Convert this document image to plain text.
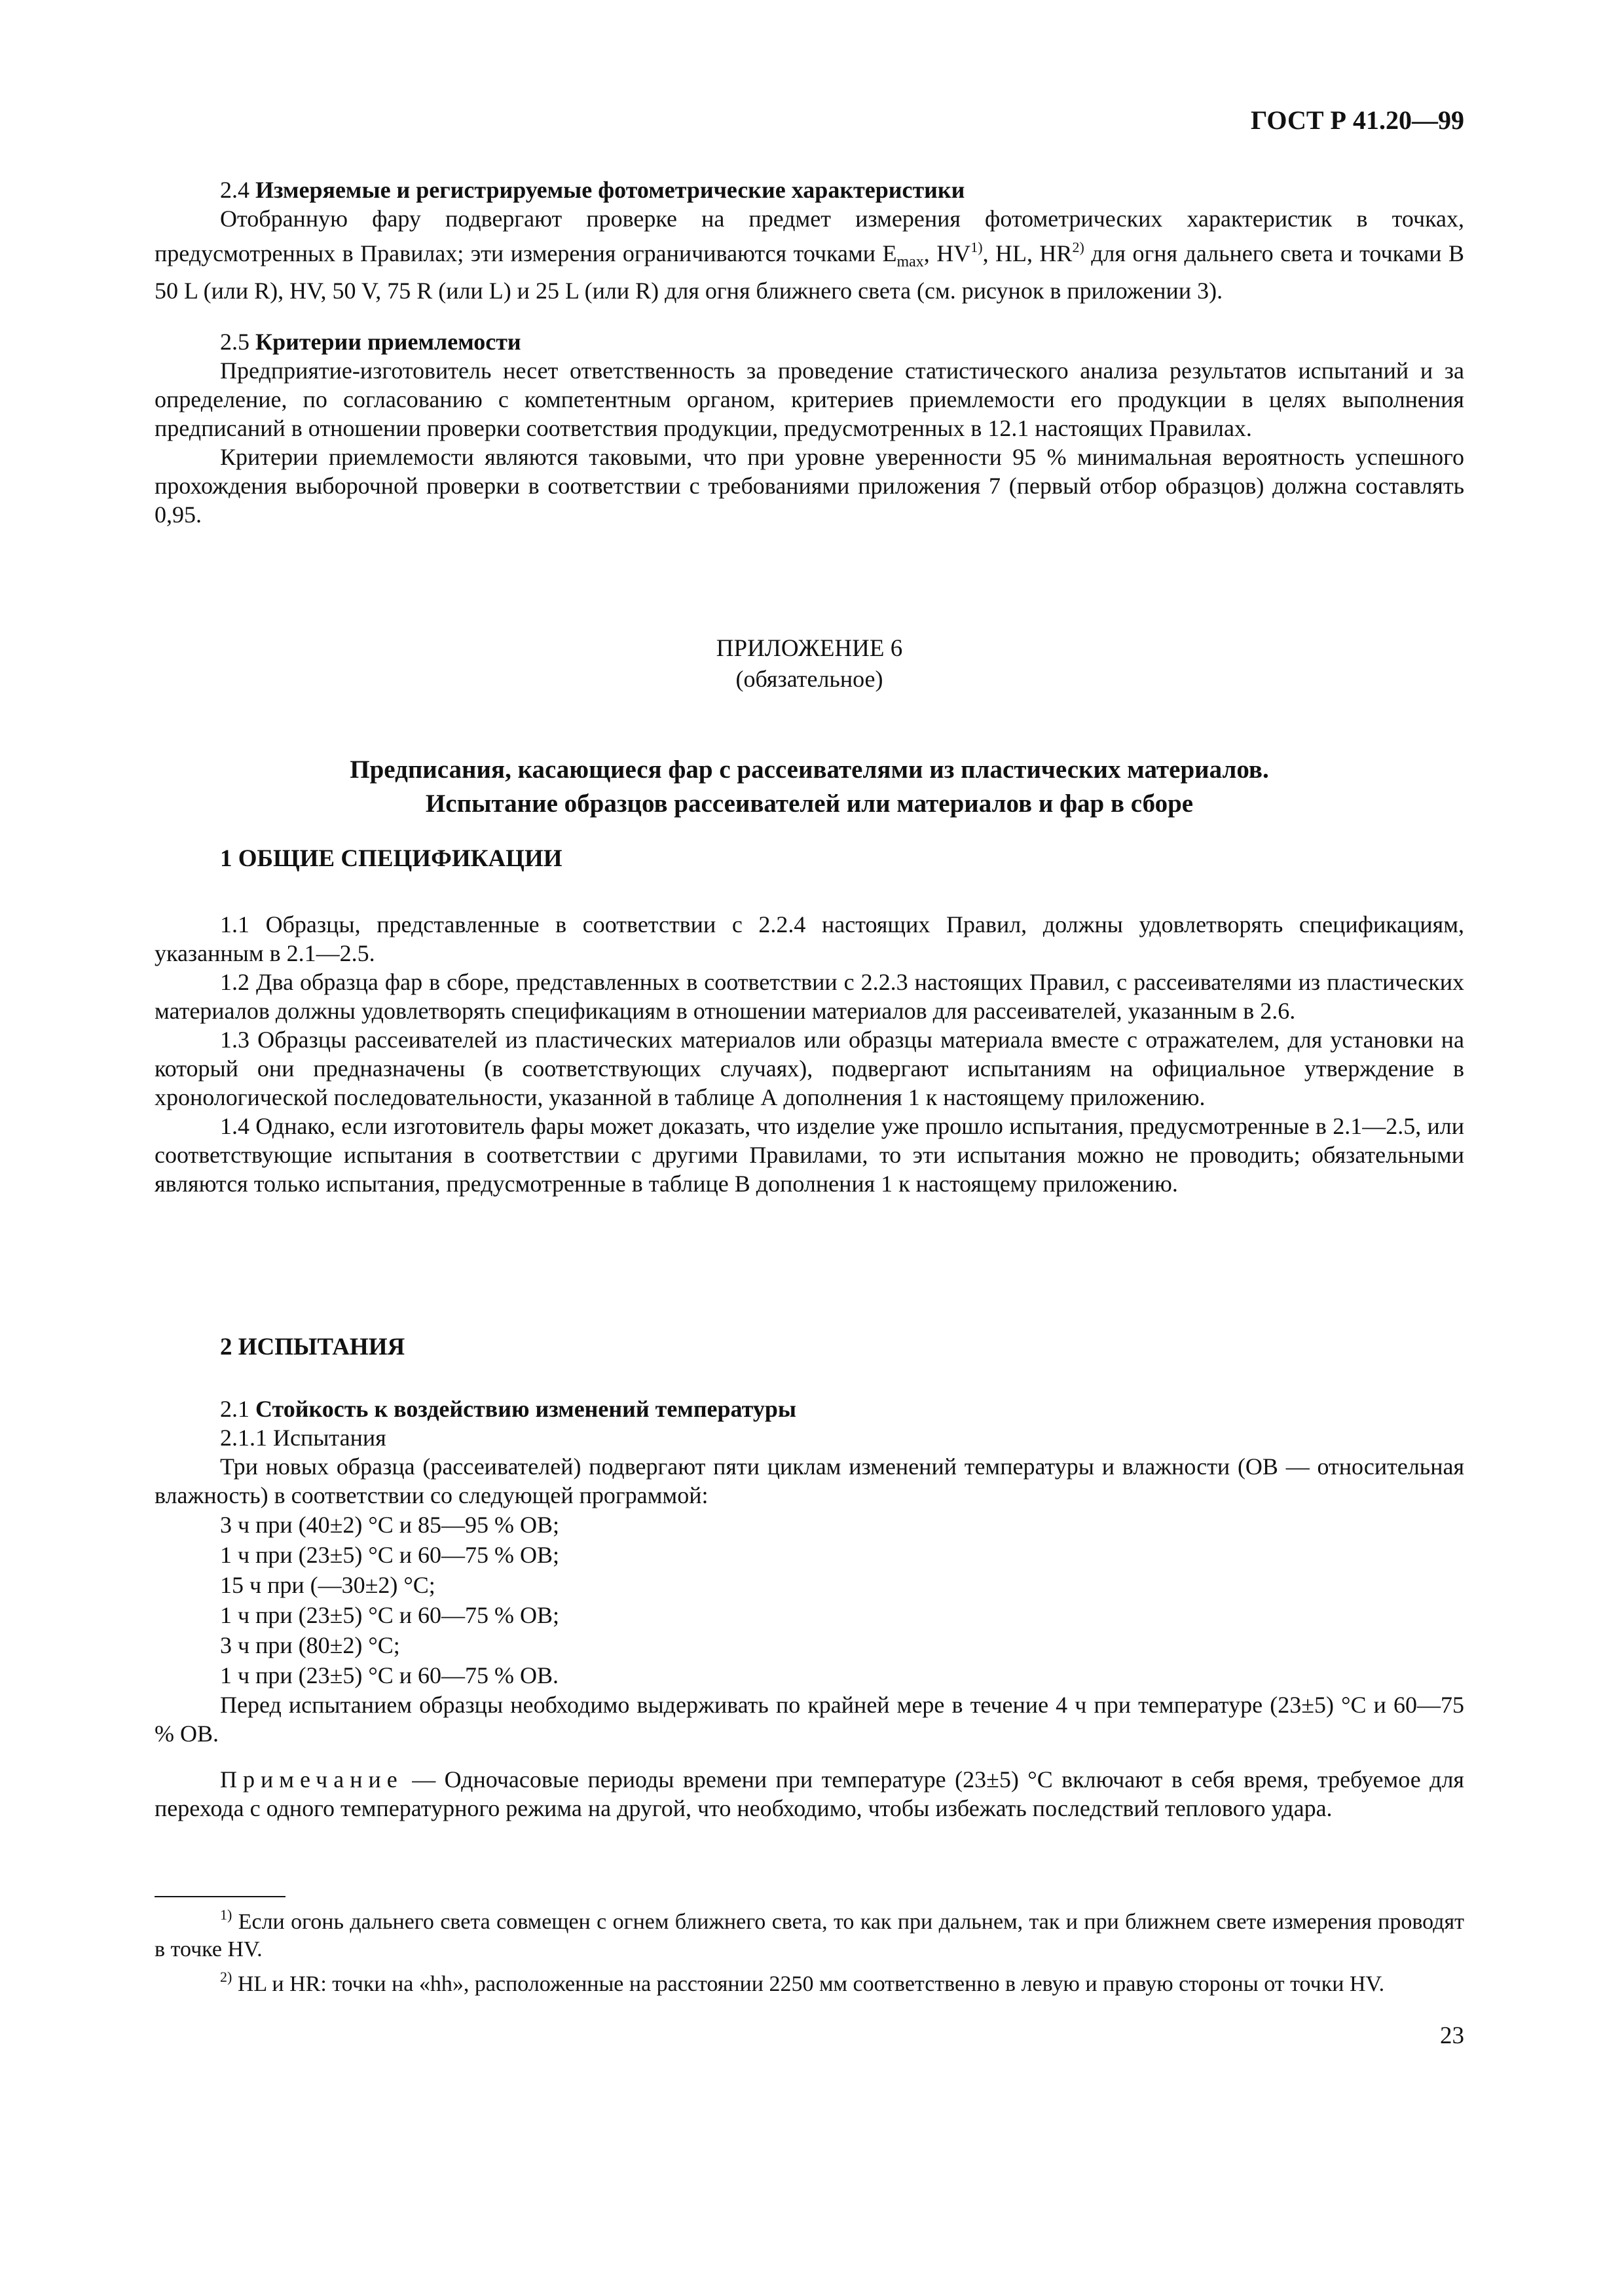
ГОСТ Р 41.20—99

2.4 Измеряемые и регистрируемые фотометрические характеристики

Отобранную фару подвергают проверке на предмет измерения фотометрических характеристик в точках, предусмотренных в Правилах; эти измерения ограничиваются точками $E_{max}$, HV$^{1)}$, HL, HR$^{2)}$ для огня дальнего света и точками B 50 L (или R), HV, 50 V, 75 R (или L) и 25 L (или R) для огня ближнего света (см. рисунок в приложении 3).

2.5 Критерии приемлемости

Предприятие-изготовитель несет ответственность за проведение статистического анализа результатов испытаний и за определение, по согласованию с компетентным органом, критериев приемлемости его продукции в целях выполнения предписаний в отношении проверки соответствия продукции, предусмотренных в 12.1 настоящих Правилах.

Критерии приемлемости являются таковыми, что при уровне уверенности 95 % минимальная вероятность успешного прохождения выборочной проверки в соответствии с требованиями приложения 7 (первый отбор образцов) должна составлять 0,95.

ПРИЛОЖЕНИЕ 6
(обязательное)
Предписания, касающиеся фар с рассеивателями из пластических материалов.
Испытание образцов рассеивателей или материалов и фар в сборе

1 ОБЩИЕ СПЕЦИФИКАЦИИ

1.1 Образцы, представленные в соответствии с 2.2.4 настоящих Правил, должны удовлетворять спецификациям, указанным в 2.1—2.5.

1.2 Два образца фар в сборе, представленных в соответствии с 2.2.3 настоящих Правил, с рассеивателями из пластических материалов должны удовлетворять спецификациям в отношении материалов для рассеивателей, указанным в 2.6.

1.3 Образцы рассеивателей из пластических материалов или образцы материала вместе с отражателем, для установки на который они предназначены (в соответствующих случаях), подвергают испытаниям на официальное утверждение в хронологической последовательности, указанной в таблице А дополнения 1 к настоящему приложению.

1.4 Однако, если изготовитель фары может доказать, что изделие уже прошло испытания, предусмотренные в 2.1—2.5, или соответствующие испытания в соответствии с другими Правилами, то эти испытания можно не проводить; обязательными являются только испытания, предусмотренные в таблице В дополнения 1 к настоящему приложению.

2 ИСПЫТАНИЯ

2.1 Стойкость к воздействию изменений температуры

2.1.1 Испытания

Три новых образца (рассеивателей) подвергают пяти циклам изменений температуры и влажности (ОВ — относительная влажность) в соответствии со следующей программой:

3 ч при (40±2) °С и 85—95 % ОВ;

1 ч при (23±5) °С и 60—75 % ОВ;

15 ч при (—30±2) °С;

1 ч при (23±5) °С и 60—75 % ОВ;

3 ч при (80±2) °С;

1 ч при (23±5) °С и 60—75 % ОВ.

Перед испытанием образцы необходимо выдерживать по крайней мере в течение 4 ч при температуре (23±5) °С и 60—75 % ОВ.

Примечание — Одночасовые периоды времени при температуре (23±5) °С включают в себя время, требуемое для перехода с одного температурного режима на другой, что необходимо, чтобы избежать последствий теплового удара.

$^{1)}$ Если огонь дальнего света совмещен с огнем ближнего света, то как при дальнем, так и при ближнем свете измерения проводят в точке HV.

$^{2)}$ HL и HR: точки на «hh», расположенные на расстоянии 2250 мм соответственно в левую и правую стороны от точки HV.

23
